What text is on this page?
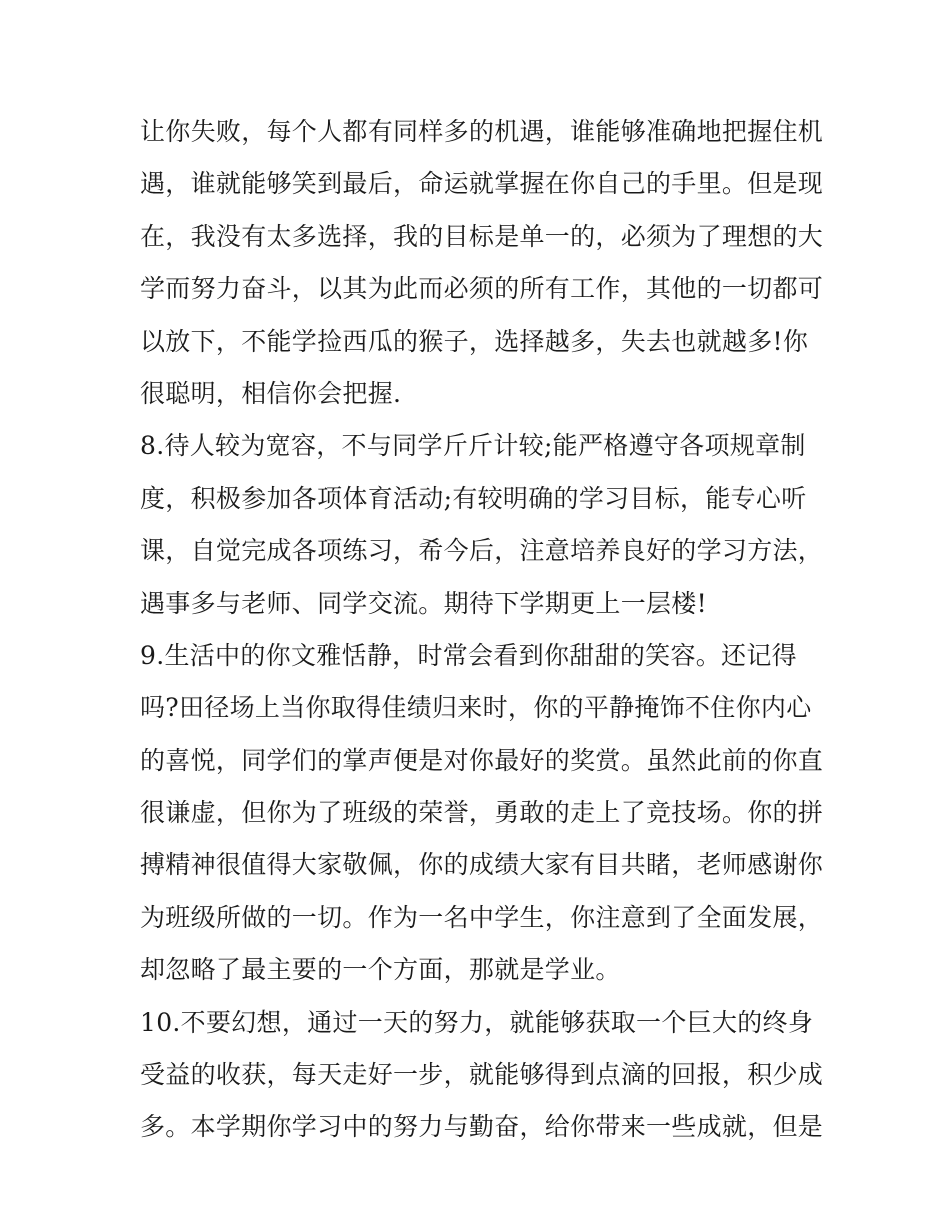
让你失败，每个人都有同样多的机遇，谁能够准确地把握住机
遇，谁就能够笑到最后，命运就掌握在你自己的手里。但是现
在，我没有太多选择，我的目标是单一的，必须为了理想的大
学而努力奋斗，以其为此而必须的所有工作，其他的一切都可
以放下，不能学捡西瓜的猴子，选择越多，失去也就越多!你
很聪明，相信你会把握.
8.待人较为宽容，不与同学斤斤计较;能严格遵守各项规章制
度，积极参加各项体育活动;有较明确的学习目标，能专心听
课，自觉完成各项练习，希今后，注意培养良好的学习方法，
遇事多与老师、同学交流。期待下学期更上一层楼!
9.生活中的你文雅恬静，时常会看到你甜甜的笑容。还记得
吗?田径场上当你取得佳绩归来时，你的平静掩饰不住你内心
的喜悦，同学们的掌声便是对你最好的奖赏。虽然此前的你直
很谦虚，但你为了班级的荣誉，勇敢的走上了竞技场。你的拼
搏精神很值得大家敬佩，你的成绩大家有目共睹，老师感谢你
为班级所做的一切。作为一名中学生，你注意到了全面发展，
却忽略了最主要的一个方面，那就是学业。
10.不要幻想，通过一天的努力，就能够获取一个巨大的终身
受益的收获，每天走好一步，就能够得到点滴的回报，积少成
多。本学期你学习中的努力与勤奋，给你带来一些成就，但是
